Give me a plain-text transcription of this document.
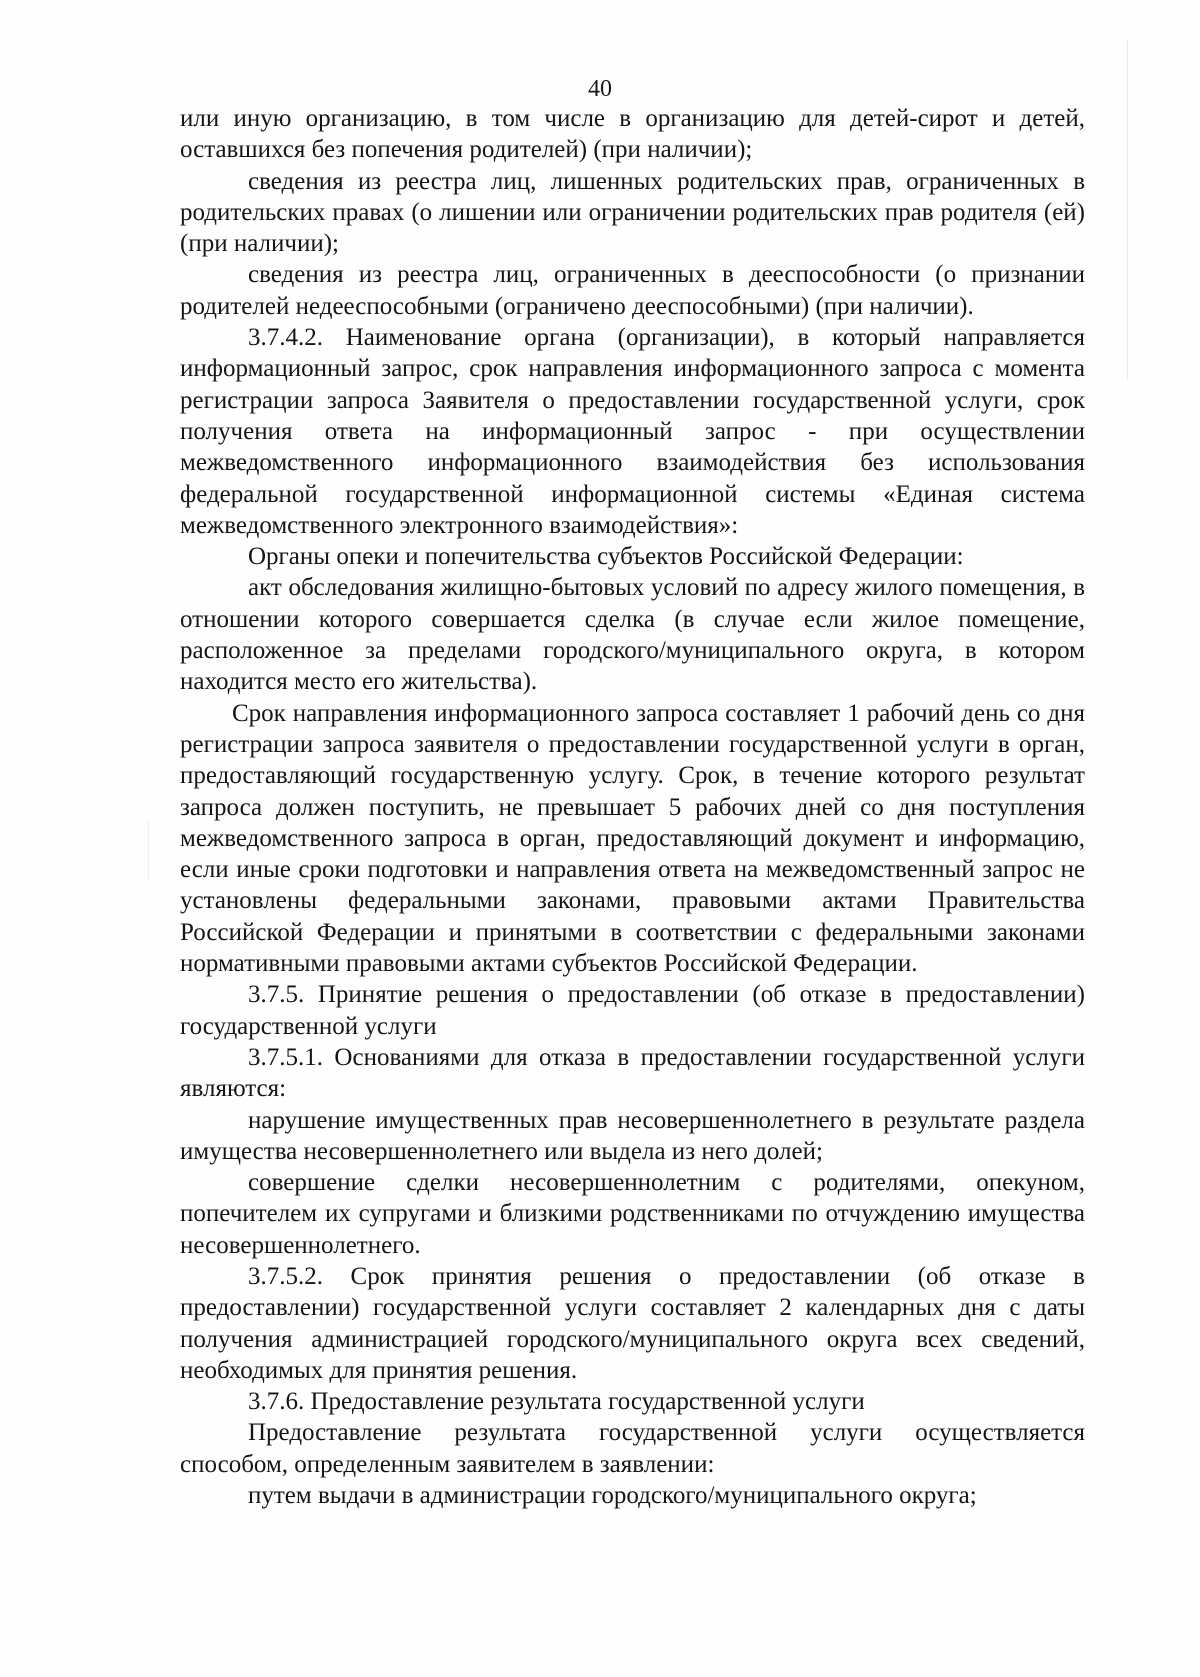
40

или иную организацию, в том числе в организацию для детей-сирот и детей, оставшихся без попечения родителей) (при наличии);

сведения из реестра лиц, лишенных родительских прав, ограниченных в родительских правах (о лишении или ограничении родительских прав родителя (ей) (при наличии);

сведения из реестра лиц, ограниченных в дееспособности (о признании родителей недееспособными (ограничено дееспособными) (при наличии).

3.7.4.2. Наименование органа (организации), в который направляется информационный запрос, срок направления информационного запроса с момента регистрации запроса Заявителя о предоставлении государственной услуги, срок получения ответа на информационный запрос - при осуществлении межведомственного информационного взаимодействия без использования федеральной государственной информационной системы «Единая система межведомственного электронного взаимодействия»:

Органы опеки и попечительства субъектов Российской Федерации:

акт обследования жилищно-бытовых условий по адресу жилого помещения, в отношении которого совершается сделка (в случае если жилое помещение, расположенное за пределами городского/муниципального округа, в котором находится место его жительства).

Срок направления информационного запроса составляет 1 рабочий день со дня регистрации запроса заявителя о предоставлении государственной услуги в орган, предоставляющий государственную услугу. Срок, в течение которого результат запроса должен поступить, не превышает 5 рабочих дней со дня поступления межведомственного запроса в орган, предоставляющий документ и информацию, если иные сроки подготовки и направления ответа на межведомственный запрос не установлены федеральными законами, правовыми актами Правительства Российской Федерации и принятыми в соответствии с федеральными законами нормативными правовыми актами субъектов Российской Федерации.

3.7.5. Принятие решения о предоставлении (об отказе в предоставлении) государственной услуги

3.7.5.1. Основаниями для отказа в предоставлении государственной услуги являются:

нарушение имущественных прав несовершеннолетнего в результате раздела имущества несовершеннолетнего или выдела из него долей;

совершение сделки несовершеннолетним с родителями, опекуном, попечителем их супругами и близкими родственниками по отчуждению имущества несовершеннолетнего.

3.7.5.2. Срок принятия решения о предоставлении (об отказе в предоставлении) государственной услуги составляет 2 календарных дня с даты получения администрацией городского/муниципального округа всех сведений, необходимых для принятия решения.

3.7.6. Предоставление результата государственной услуги

Предоставление результата государственной услуги осуществляется способом, определенным заявителем в заявлении:

путем выдачи в администрации городского/муниципального округа;
